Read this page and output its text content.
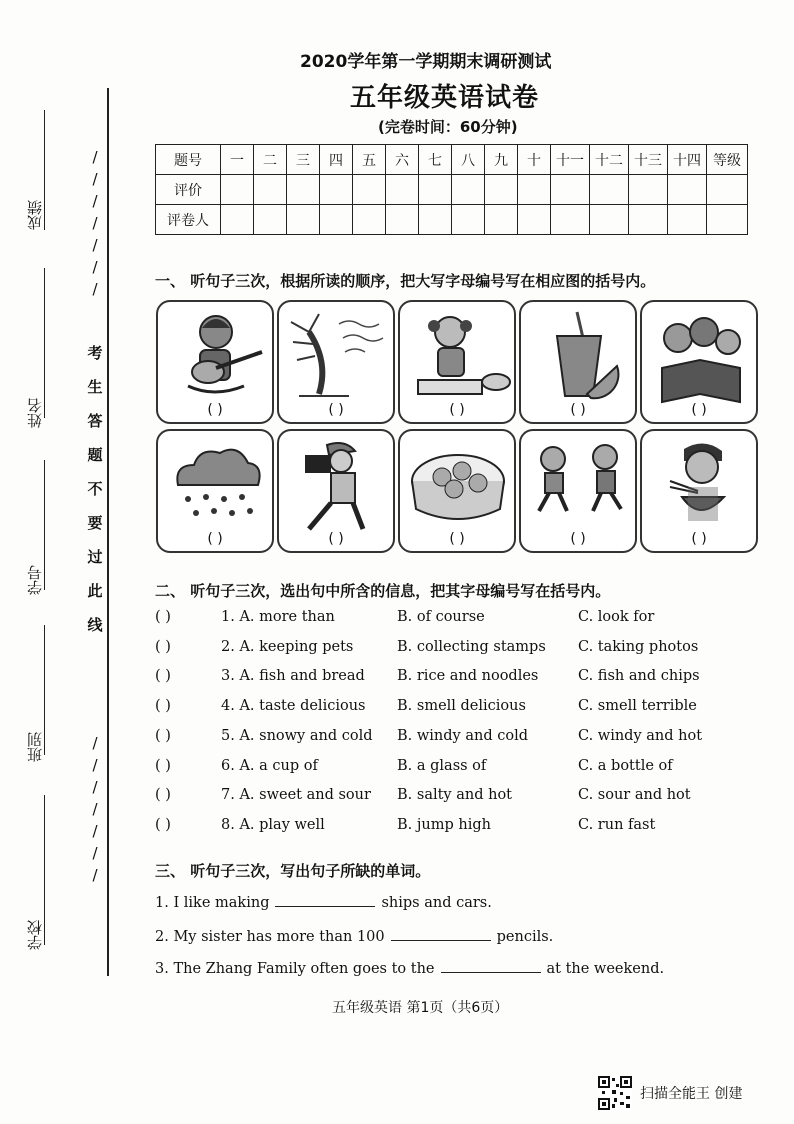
成绩
姓名
学号
班别
学校
/
/
/
/
/
/
/
考
生
答
题
不
要
过
此
线
/
/
/
/
/
/
/
2020学年第一学期期末调研测试
五年级英语试卷
(完卷时间：60分钟)
题号	一	二	三	四	五	六	七	八	九	十	十一	十二	十三	十四	等级
评价															
评卷人															
一、 听句子三次，根据所读的顺序，把大写字母编号写在相应图的括号内。
( )	( )	( )	( )	( )
( )	( )	( )	( )	( )
二、 听句子三次，选出句中所含的信息，把其字母编号写在括号内。
( )	1. A. more than	B. of course	C. look for
( )	2. A. keeping pets	B. collecting stamps C. taking photos
( )	3. A. fish and bread B. rice and noodles	C. fish and chips
( )	4. A. taste delicious B. smell delicious	C. smell terrible
( )	5. A. snowy and cold B. windy and cold	C. windy and hot
( )	6. A. a cup of	B. a glass of	C. a bottle of
( )	7. A. sweet and sour B. salty and hot	C. sour and hot
( )	8. A. play well	B. jump high	C. run fast
三、 听句子三次，写出句子所缺的单词。
1. I like making	ships and cars.
2. My sister has more than 100	pencils.
3. The Zhang Family often goes to the	at the weekend.
五年级英语 第1页（共6页）
扫描全能王 创建
